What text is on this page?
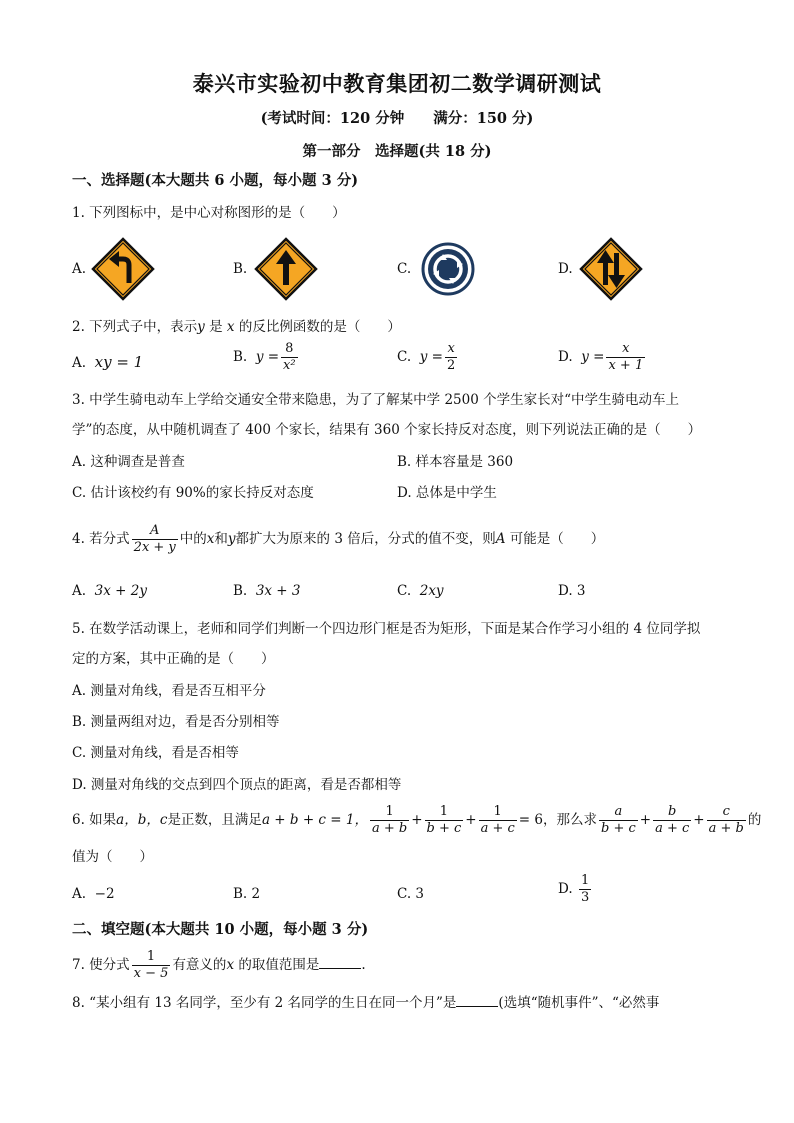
泰兴市实验初中教育集团初二数学调研测试
(考试时间：120 分钟　　满分：150 分)
第一部分　选择题(共 18 分)
一、选择题(本大题共 6 小题，每小题 3 分)
1. 下列图标中，是中心对称图形的是（　　）
A.	B.	C.	D.
2. 下列式子中，表示y 是 x 的反比例函数的是（　　）
A. xy = 1	B. $y = \frac{8}{\text{x²}}$	C. $y = \frac{x}{2}$	D. $y = \frac{x}{x + 1}$
3. 中学生骑电动车上学给交通安全带来隐患，为了了解某中学 2500 个学生家长对“中学生骑电动车上
学”的态度，从中随机调查了 400 个家长，结果有 360 个家长持反对态度，则下列说法正确的是（　　）
A. 这种调查是普查	B. 样本容量是 360
C. 估计该校约有 90%的家长持反对态度	D. 总体是中学生
4. 若分式 $\frac{A}{2x + y}$ 中的x和y都扩大为原来的 3 倍后，分式的值不变，则A 可能是（　　）
A. 3x + 2y	B. 3x + 3	C. 2xy	D. 3
5. 在数学活动课上，老师和同学们判断一个四边形门框是否为矩形，下面是某合作学习小组的 4 位同学拟
定的方案，其中正确的是（　　）
A. 测量对角线，看是否互相平分
B. 测量两组对边，看是否分别相等
C. 测量对角线，看是否相等
D. 测量对角线的交点到四个顶点的距离，看是否都相等
6. 如果a，b，c是正数，且满足a + b + c = 1， $\frac{1}{a + b} + \frac{1}{b + c} + \frac{1}{a + c} = 6$，那么求 $\frac{a}{b + c} + \frac{b}{a + c} + \frac{c}{a + b}$ 的
值为（　　）
A. −2	B. 2	C. 3	D. $\frac{1}{3}$
二、填空题(本大题共 10 小题，每小题 3 分)
7. 使分式 $\frac{1}{x - 5}$ 有意义的x 的取值范围是	.
8. “某小组有 13 名同学，至少有 2 名同学的生日在同一个月”是	(选填“随机事件”、“必然事
